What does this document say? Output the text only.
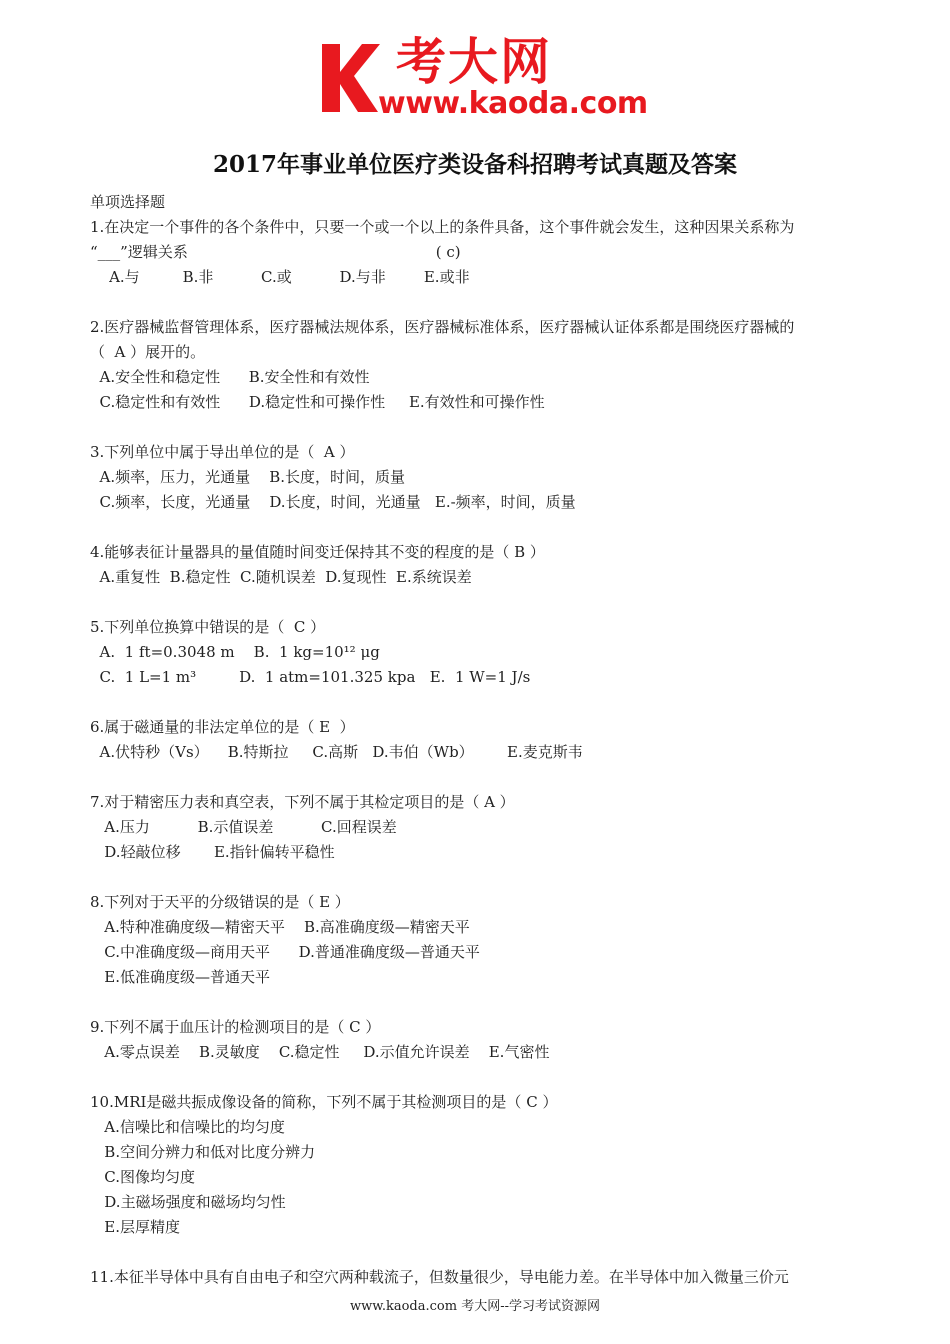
考大网
www.kaoda.com
2017年事业单位医疗类设备科招聘考试真题及答案
单项选择题
1.在决定一个事件的各个条件中，只要一个或一个以上的条件具备，这个事件就会发生，这种因果关系称为
“___”逻辑关系                                                    ( c)
A.与         B.非          C.或          D.与非        E.或非
2.医疗器械监督管理体系，医疗器械法规体系，医疗器械标准体系，医疗器械认证体系都是围绕医疗器械的
（  A ）展开的。
A.安全性和稳定性      B.安全性和有效性
C.稳定性和有效性      D.稳定性和可操作性     E.有效性和可操作性
3.下列单位中属于导出单位的是（  A ）
A.频率，压力，光通量    B.长度，时间，质量
C.频率，长度，光通量    D.长度，时间，光通量   E.-频率，时间，质量
4.能够表征计量器具的量值随时间变迁保持其不变的程度的是（ B ）
A.重复性  B.稳定性  C.随机误差  D.复现性  E.系统误差
5.下列单位换算中错误的是（  C ）
A.  1 ft=0.3048 m    B.  1 kg=10¹² μg
C.  1 L=1 m³         D.  1 atm=101.325 kpa   E.  1 W=1 J/s
6.属于磁通量的非法定单位的是（ E  ）
A.伏特秒（Vs）    B.特斯拉     C.高斯   D.韦伯（Wb）       E.麦克斯韦
7.对于精密压力表和真空表，下列不属于其检定项目的是（ A ）
A.压力          B.示值误差          C.回程误差
D.轻敲位移       E.指针偏转平稳性
8.下列对于天平的分级错误的是（ E ）
A.特种准确度级—精密天平    B.高准确度级—精密天平
C.中准确度级—商用天平      D.普通准确度级—普通天平
E.低准确度级—普通天平
9.下列不属于血压计的检测项目的是（ C ）
A.零点误差    B.灵敏度    C.稳定性     D.示值允许误差    E.气密性
10.MRI是磁共振成像设备的简称，下列不属于其检测项目的是（ C ）
A.信噪比和信噪比的均匀度
B.空间分辨力和低对比度分辨力
C.图像均匀度
D.主磁场强度和磁场均匀性
E.层厚精度
11.本征半导体中具有自由电子和空穴两种载流子，但数量很少，导电能力差。在半导体中加入微量三价元
www.kaoda.com 考大网--学习考试资源网
